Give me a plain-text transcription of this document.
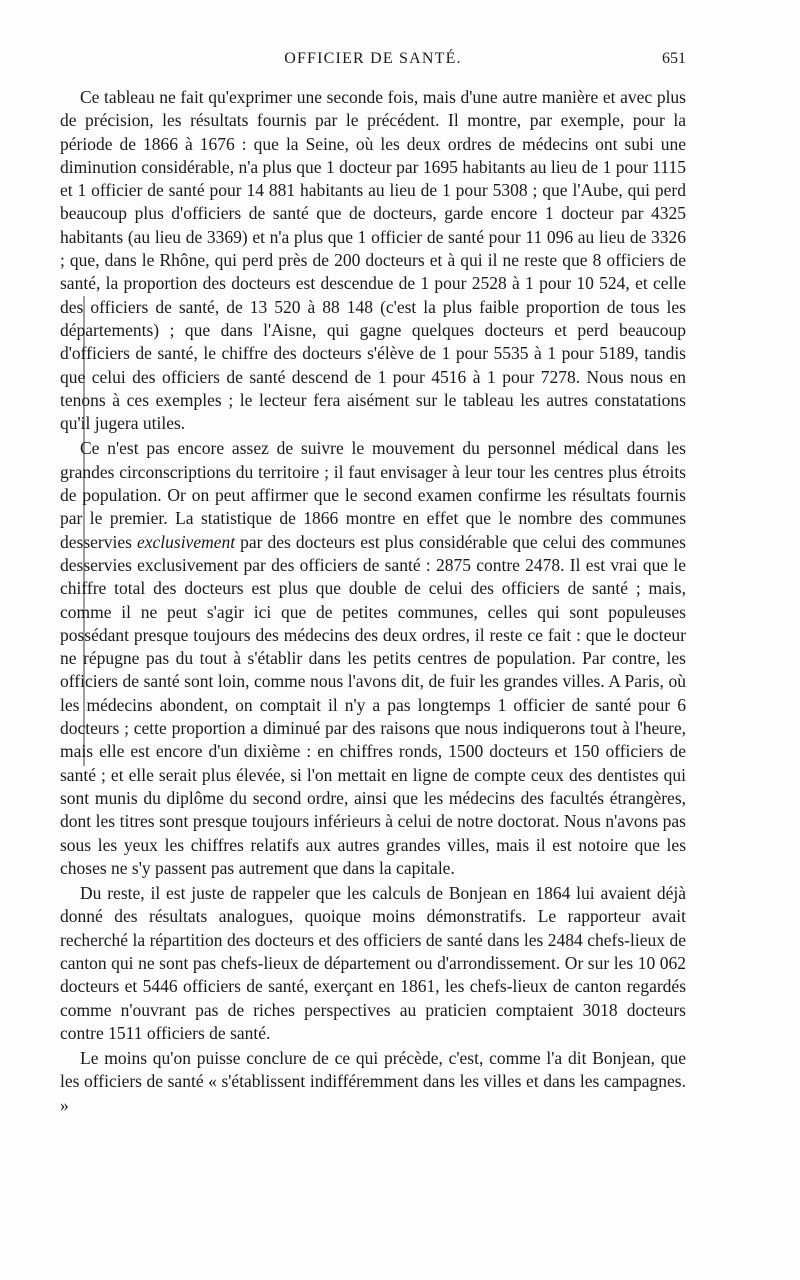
OFFICIER DE SANTÉ.	651

Ce tableau ne fait qu'exprimer une seconde fois, mais d'une autre manière et avec plus de précision, les résultats fournis par le précédent. Il montre, par exemple, pour la période de 1866 à 1676 : que la Seine, où les deux ordres de médecins ont subi une diminution considérable, n'a plus que 1 docteur par 1695 habitants au lieu de 1 pour 1115 et 1 officier de santé pour 14 881 habitants au lieu de 1 pour 5308 ; que l'Aube, qui perd beaucoup plus d'officiers de santé que de docteurs, garde encore 1 docteur par 4325 habitants (au lieu de 3369) et n'a plus que 1 officier de santé pour 11 096 au lieu de 3326 ; que, dans le Rhône, qui perd près de 200 docteurs et à qui il ne reste que 8 officiers de santé, la proportion des docteurs est descendue de 1 pour 2528 à 1 pour 10 524, et celle des officiers de santé, de 13 520 à 88 148 (c'est la plus faible proportion de tous les départements) ; que dans l'Aisne, qui gagne quelques docteurs et perd beaucoup d'officiers de santé, le chiffre des docteurs s'élève de 1 pour 5535 à 1 pour 5189, tandis que celui des officiers de santé descend de 1 pour 4516 à 1 pour 7278. Nous nous en tenons à ces exemples ; le lecteur fera aisément sur le tableau les autres constatations qu'il jugera utiles.

Ce n'est pas encore assez de suivre le mouvement du personnel médical dans les grandes circonscriptions du territoire ; il faut envisager à leur tour les centres plus étroits de population. Or on peut affirmer que le second examen confirme les résultats fournis par le premier. La statistique de 1866 montre en effet que le nombre des communes desservies exclusivement par des docteurs est plus considérable que celui des communes desservies exclusivement par des officiers de santé : 2875 contre 2478. Il est vrai que le chiffre total des docteurs est plus que double de celui des officiers de santé ; mais, comme il ne peut s'agir ici que de petites communes, celles qui sont populeuses possédant presque toujours des médecins des deux ordres, il reste ce fait : que le docteur ne répugne pas du tout à s'établir dans les petits centres de population. Par contre, les officiers de santé sont loin, comme nous l'avons dit, de fuir les grandes villes. A Paris, où les médecins abondent, on comptait il n'y a pas longtemps 1 officier de santé pour 6 docteurs ; cette proportion a diminué par des raisons que nous indiquerons tout à l'heure, mais elle est encore d'un dixième : en chiffres ronds, 1500 docteurs et 150 officiers de santé ; et elle serait plus élevée, si l'on mettait en ligne de compte ceux des dentistes qui sont munis du diplôme du second ordre, ainsi que les médecins des facultés étrangères, dont les titres sont presque toujours inférieurs à celui de notre doctorat. Nous n'avons pas sous les yeux les chiffres relatifs aux autres grandes villes, mais il est notoire que les choses ne s'y passent pas autrement que dans la capitale.

Du reste, il est juste de rappeler que les calculs de Bonjean en 1864 lui avaient déjà donné des résultats analogues, quoique moins démonstratifs. Le rapporteur avait recherché la répartition des docteurs et des officiers de santé dans les 2484 chefs-lieux de canton qui ne sont pas chefs-lieux de département ou d'arrondissement. Or sur les 10 062 docteurs et 5446 officiers de santé, exerçant en 1861, les chefs-lieux de canton regardés comme n'ouvrant pas de riches perspectives au praticien comptaient 3018 docteurs contre 1511 officiers de santé.

Le moins qu'on puisse conclure de ce qui précède, c'est, comme l'a dit Bonjean, que les officiers de santé « s'établissent indifféremment dans les villes et dans les campagnes. »
